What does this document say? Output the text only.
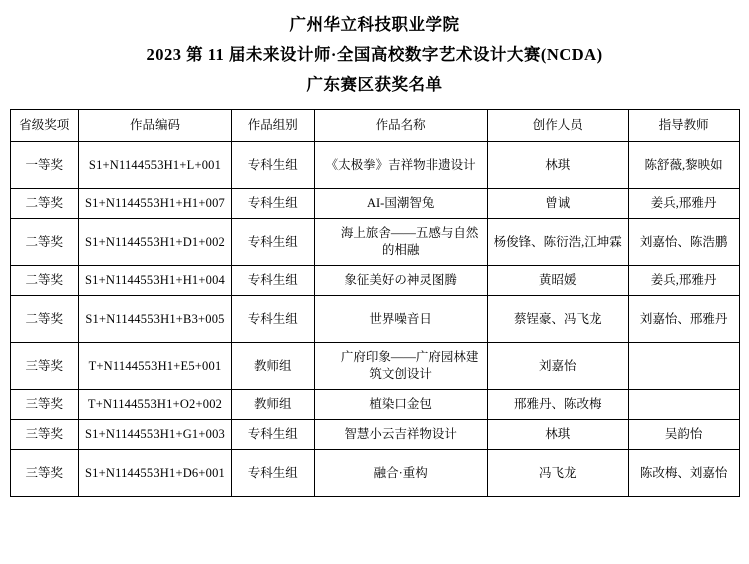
广州华立科技职业学院
2023 第 11 届未来设计师·全国高校数字艺术设计大赛(NCDA)
广东赛区获奖名单
省级奖项	作品编码	作品组别	作品名称	创作人员	指导教师
一等奖	S1+N1144553H1+L+001	专科生组	《太极拳》吉祥物非遗设计	林琪	陈舒薇,黎映如
二等奖	S1+N1144553H1+H1+007	专科生组	AI-国潮智兔	曾诚	姜兵,邢雅丹
二等奖	S1+N1144553H1+D1+002	专科生组	海上旅舍——五感与自然的相融	杨俊锋、陈衍浩,江坤霖	刘嘉怡、陈浩鹏
二等奖	S1+N1144553H1+H1+004	专科生组	象征美好の神灵图腾	黄昭媛	姜兵,邢雅丹
二等奖	S1+N1144553H1+B3+005	专科生组	世界噪音日	蔡锃豪、冯飞龙	刘嘉怡、邢雅丹
三等奖	T+N1144553H1+E5+001	教师组	广府印象——广府园林建筑文创设计	刘嘉怡	
三等奖	T+N1144553H1+O2+002	教师组	植染口金包	邢雅丹、陈改梅	
三等奖	S1+N1144553H1+G1+003	专科生组	智慧小云吉祥物设计	林琪	吴韵怡
三等奖	S1+N1144553H1+D6+001	专科生组	融合·重构	冯飞龙	陈改梅、刘嘉怡
